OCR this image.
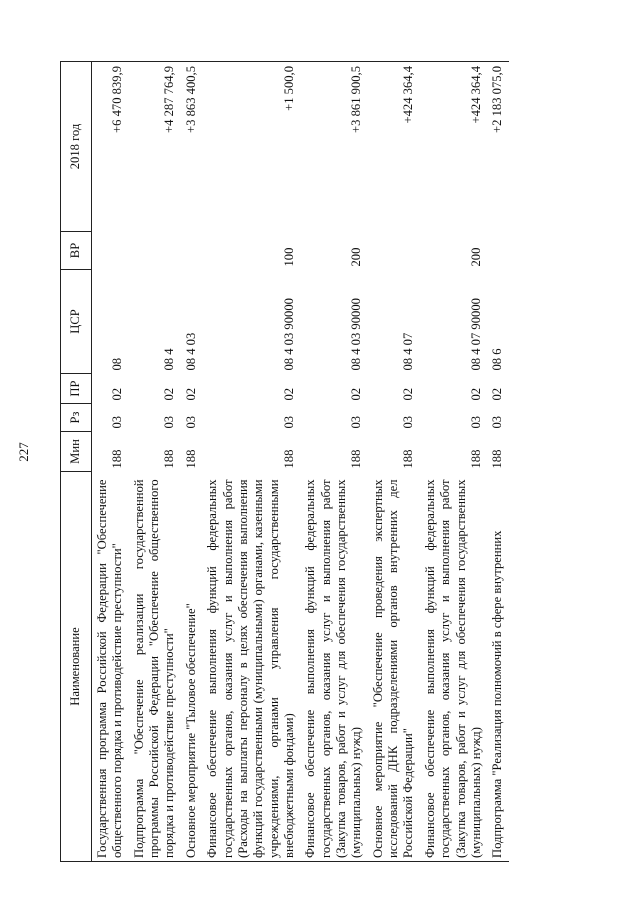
227
Наименование	Мин	Рз	ПР	ЦСР	ВР	2018 год
Государственная программа Российской Федерации "Обеспечение общественного порядка и противодействие преступности"	188	03	02	08		+6 470 839,9
Подпрограмма "Обеспечение реализации государственной программы Российской Федерации "Обеспечение общественного порядка и противодействие преступности"	188	03	02	08 4		+4 287 764,9
Основное мероприятие "Тыловое обеспечение"	188	03	02	08 4 03		+3 863 400,5
Финансовое обеспечение выполнения функций федеральных государственных органов, оказания услуг и выполнения работ (Расходы на выплаты персоналу в целях обеспечения выполнения функций государственными (муниципальными) органами, казенными учреждениями, органами управления государственными внебюджетными фондами)	188	03	02	08 4 03 90000	100	+1 500,0
Финансовое обеспечение выполнения функций федеральных государственных органов, оказания услуг и выполнения работ (Закупка товаров, работ и услуг для обеспечения государственных (муниципальных) нужд)	188	03	02	08 4 03 90000	200	+3 861 900,5
Основное мероприятие "Обеспечение проведения экспертных исследований ДНК подразделениями органов внутренних дел Российской Федерации"	188	03	02	08 4 07		+424 364,4
Финансовое обеспечение выполнения функций федеральных государственных органов, оказания услуг и выполнения работ (Закупка товаров, работ и услуг для обеспечения государственных (муниципальных) нужд)	188	03	02	08 4 07 90000	200	+424 364,4
Подпрограмма "Реализация полномочий в сфере внутренних	188	03	02	08 6		+2 183 075,0
